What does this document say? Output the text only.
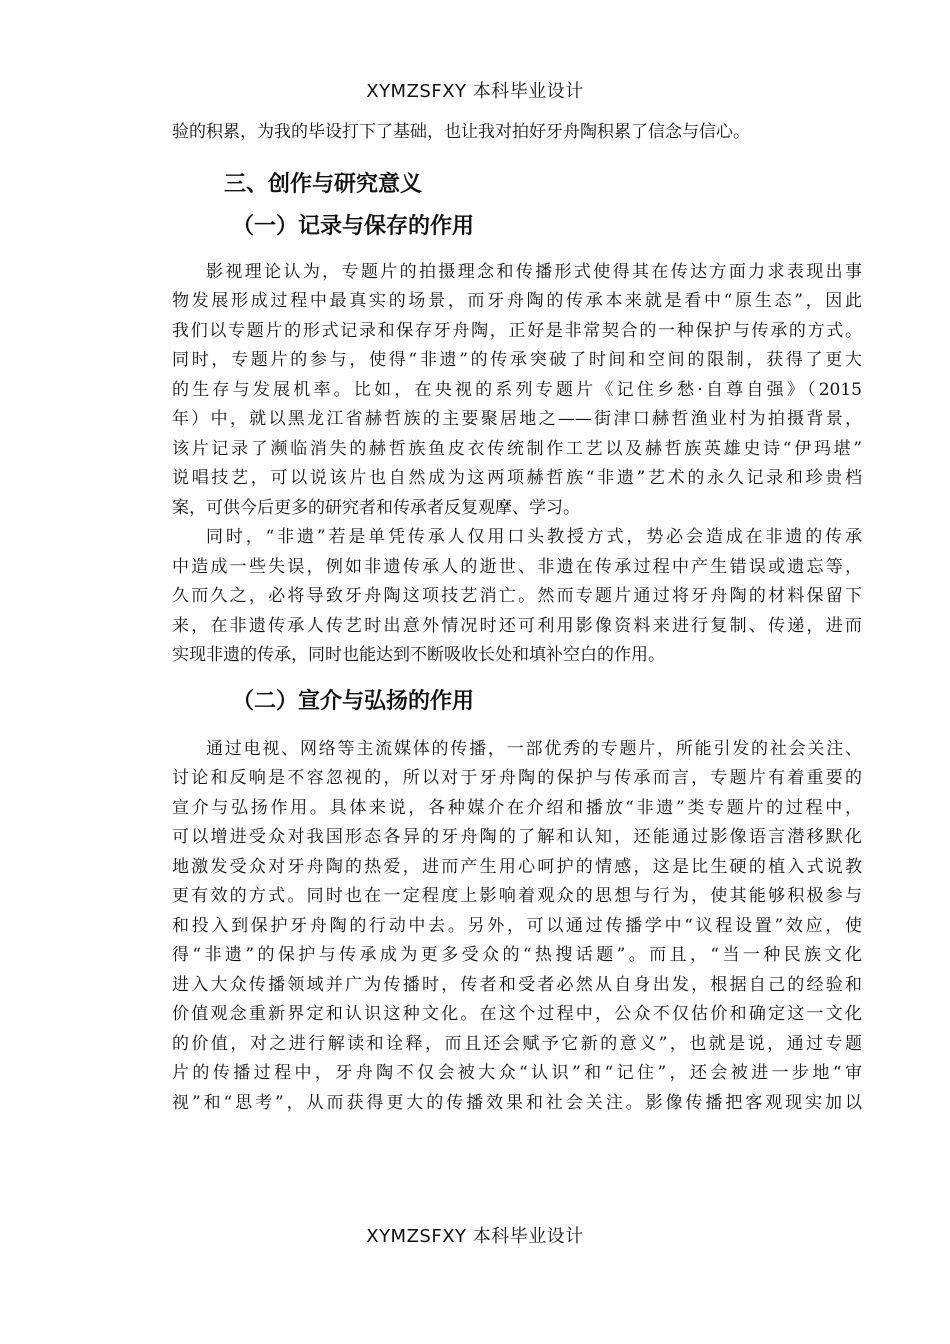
XYMZSFXY 本科毕业设计
验的积累，为我的毕设打下了基础，也让我对拍好牙舟陶积累了信念与信心。
三、创作与研究意义
（一）记录与保存的作用
影视理论认为，专题片的拍摄理念和传播形式使得其在传达方面力求表现出事
物发展形成过程中最真实的场景，而牙舟陶的传承本来就是看中“原生态”，因此
我们以专题片的形式记录和保存牙舟陶，正好是非常契合的一种保护与传承的方式。
同时，专题片的参与，使得“非遗”的传承突破了时间和空间的限制，获得了更大
的生存与发展机率。比如，在央视的系列专题片《记住乡愁·自尊自强》（2015
年）中，就以黑龙江省赫哲族的主要聚居地之——街津口赫哲渔业村为拍摄背景，
该片记录了濒临消失的赫哲族鱼皮衣传统制作工艺以及赫哲族英雄史诗“伊玛堪”
说唱技艺，可以说该片也自然成为这两项赫哲族“非遗”艺术的永久记录和珍贵档
案，可供今后更多的研究者和传承者反复观摩、学习。
同时，“非遗”若是单凭传承人仅用口头教授方式，势必会造成在非遗的传承
中造成一些失误，例如非遗传承人的逝世、非遗在传承过程中产生错误或遗忘等，
久而久之，必将导致牙舟陶这项技艺消亡。然而专题片通过将牙舟陶的材料保留下
来，在非遗传承人传艺时出意外情况时还可利用影像资料来进行复制、传递，进而
实现非遗的传承，同时也能达到不断吸收长处和填补空白的作用。
（二）宣介与弘扬的作用
通过电视、网络等主流媒体的传播，一部优秀的专题片，所能引发的社会关注、
讨论和反响是不容忽视的，所以对于牙舟陶的保护与传承而言，专题片有着重要的
宣介与弘扬作用。具体来说，各种媒介在介绍和播放“非遗”类专题片的过程中，
可以增进受众对我国形态各异的牙舟陶的了解和认知，还能通过影像语言潜移默化
地激发受众对牙舟陶的热爱，进而产生用心呵护的情感，这是比生硬的植入式说教
更有效的方式。同时也在一定程度上影响着观众的思想与行为，使其能够积极参与
和投入到保护牙舟陶的行动中去。另外，可以通过传播学中“议程设置”效应，使
得“非遗”的保护与传承成为更多受众的“热搜话题”。而且，“当一种民族文化
进入大众传播领域并广为传播时，传者和受者必然从自身出发，根据自己的经验和
价值观念重新界定和认识这种文化。在这个过程中，公众不仅估价和确定这一文化
的价值，对之进行解读和诠释，而且还会赋予它新的意义”，也就是说，通过专题
片的传播过程中，牙舟陶不仅会被大众“认识”和“记住”，还会被进一步地“审
视”和“思考”，从而获得更大的传播效果和社会关注。影像传播把客观现实加以
XYMZSFXY 本科毕业设计
